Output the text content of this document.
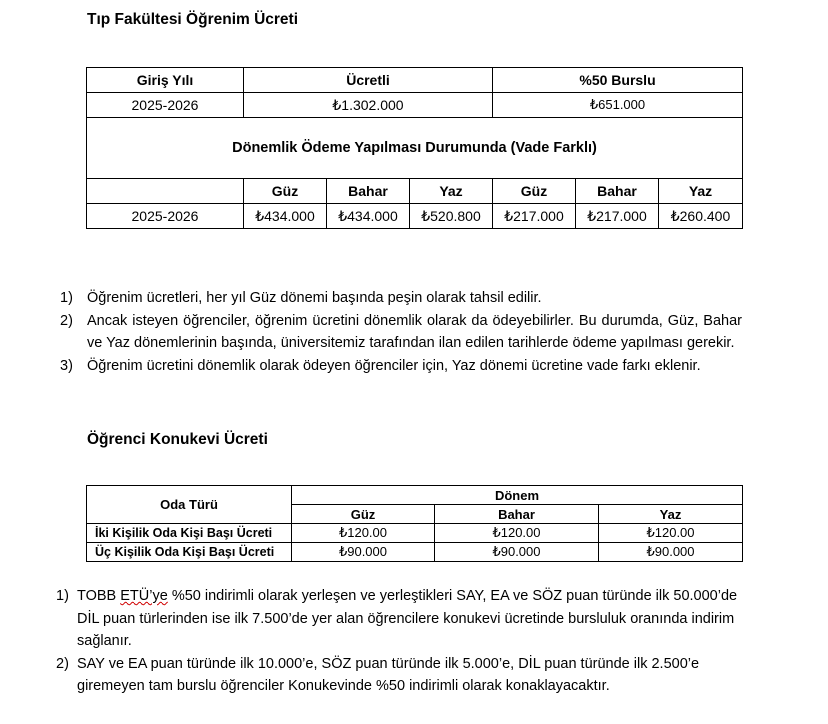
Tıp Fakültesi Öğrenim Ücreti
Giriş Yılı	Ücretli			%50 Burslu		
2025-2026	₺1.302.000			₺651.000		
Dönemlik Ödeme Yapılması Durumunda (Vade Farklı)						
	Güz	Bahar	Yaz	Güz	Bahar	Yaz
2025-2026	₺434.000	₺434.000	₺520.800	₺217.000	₺217.000	₺260.400
1) Öğrenim ücretleri, her yıl Güz dönemi başında peşin olarak tahsil edilir.
2) Ancak isteyen öğrenciler, öğrenim ücretini dönemlik olarak da ödeyebilirler. Bu durumda, Güz, Bahar ve Yaz dönemlerinin başında, üniversitemiz tarafından ilan edilen tarihlerde ödeme yapılması gerekir.
3) Öğrenim ücretini dönemlik olarak ödeyen öğrenciler için, Yaz dönemi ücretine vade farkı eklenir.
Öğrenci Konukevi Ücreti
Oda Türü	Dönem		
	Güz	Bahar	Yaz
İki Kişilik Oda Kişi Başı Ücreti	₺120.00	₺120.00	₺120.00
Üç Kişilik Oda Kişi Başı Ücreti	₺90.000	₺90.000	₺90.000
1) TOBB ETÜ’ye %50 indirimli olarak yerleşen ve yerleştikleri SAY, EA ve SÖZ puan türünde ilk 50.000’de DİL puan türlerinden ise ilk 7.500’de yer alan öğrencilere konukevi ücretinde bursluluk oranında indirim sağlanır.
2) SAY ve EA puan türünde ilk 10.000’e, SÖZ puan türünde ilk 5.000’e, DİL puan türünde ilk 2.500’e giremeyen tam burslu öğrenciler Konukevinde %50 indirimli olarak konaklayacaktır.
